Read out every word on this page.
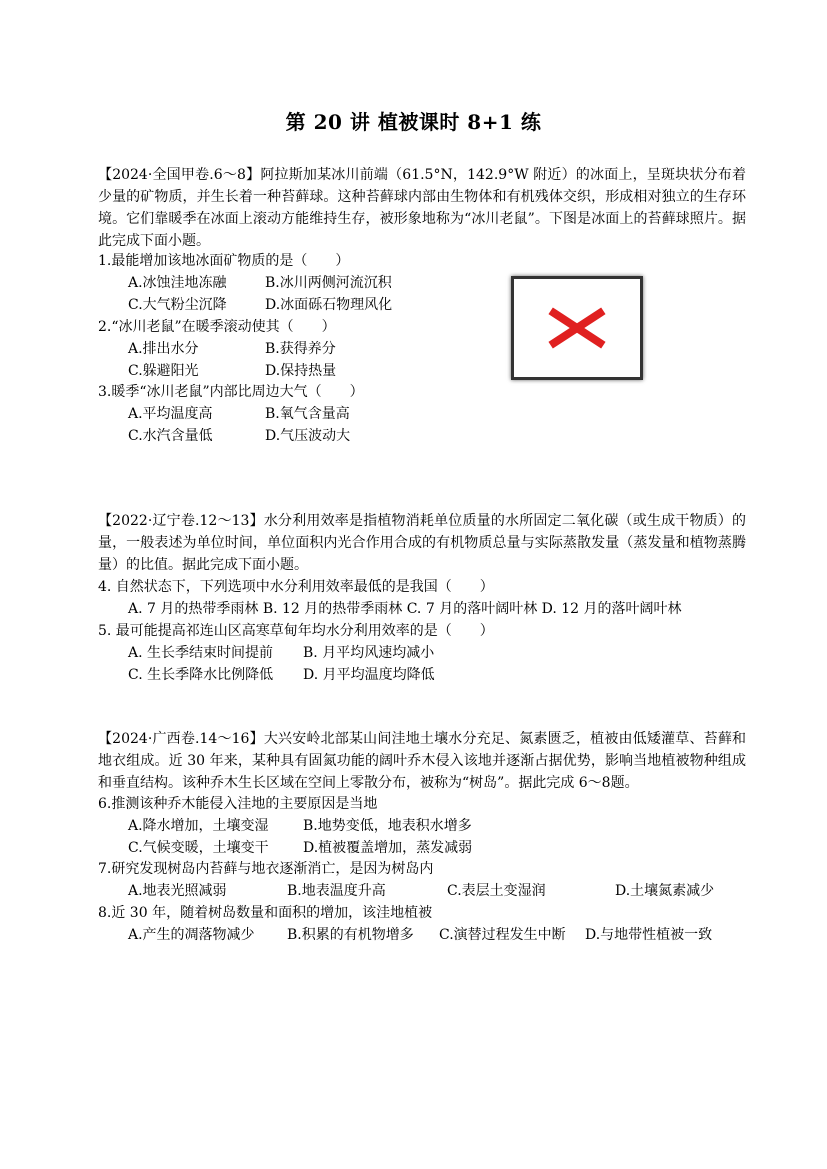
第 20 讲 植被课时 8+1 练
【2024·全国甲卷.6～8】阿拉斯加某冰川前端（61.5°N，142.9°W 附近）的冰面上，呈斑块状分布着少量的矿物质，并生长着一种苔藓球。这种苔藓球内部由生物体和有机残体交织，形成相对独立的生存环境。它们靠暖季在冰面上滚动方能维持生存，被形象地称为“冰川老鼠”。下图是冰面上的苔藓球照片。据此完成下面小题。
1.最能增加该地冰面矿物质的是（　　）
A.冰蚀洼地冻融	B.冰川两侧河流沉积
C.大气粉尘沉降	D.冰面砾石物理风化
2.“冰川老鼠”在暖季滚动使其（　　）
A.排出水分	B.获得养分
C.躲避阳光	D.保持热量
3.暖季“冰川老鼠”内部比周边大气（　　）
A.平均温度高	B.氧气含量高
C.水汽含量低	D.气压波动大
【2022·辽宁卷.12～13】水分利用效率是指植物消耗单位质量的水所固定二氧化碳（或生成干物质）的量，一般表述为单位时间，单位面积内光合作用合成的有机物质总量与实际蒸散发量（蒸发量和植物蒸腾量）的比值。据此完成下面小题。
4. 自然状态下，下列选项中水分利用效率最低的是我国（　　）
A. 7 月的热带季雨林 B. 12 月的热带季雨林 C. 7 月的落叶阔叶林 D. 12 月的落叶阔叶林
5. 最可能提高祁连山区高寒草甸年均水分利用效率的是（　　）
A. 生长季结束时间提前 B. 月平均风速均减小
C. 生长季降水比例降低 D. 月平均温度均降低
【2024·广西卷.14～16】大兴安岭北部某山间洼地土壤水分充足、氮素匮乏，植被由低矮灌草、苔藓和地衣组成。近 30 年来，某种具有固氮功能的阔叶乔木侵入该地并逐渐占据优势，影响当地植被物种组成和垂直结构。该种乔木生长区域在空间上零散分布，被称为“树岛”。据此完成 6～8题。
6.推测该种乔木能侵入洼地的主要原因是当地
A.降水增加，土壤变湿 B.地势变低，地表积水增多
C.气候变暖，土壤变干 D.植被覆盖增加，蒸发减弱
7.研究发现树岛内苔藓与地衣逐渐消亡，是因为树岛内
A.地表光照减弱	B.地表温度升高	C.表层土变湿润	D.土壤氮素减少
8.近 30 年，随着树岛数量和面积的增加，该洼地植被
A.产生的凋落物减少 B.积累的有机物增多 C.演替过程发生中断 D.与地带性植被一致
